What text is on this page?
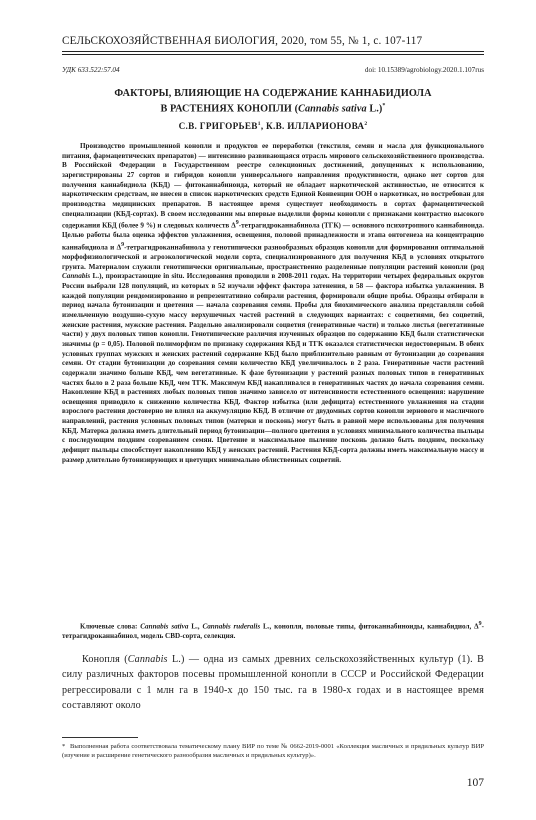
СЕЛЬСКОХОЗЯЙСТВЕННАЯ БИОЛОГИЯ, 2020, том 55, № 1, с. 107-117
УДК 633.522:57.04	doi: 10.15389/agrobiology.2020.1.107rus
ФАКТОРЫ, ВЛИЯЮЩИЕ НА СОДЕРЖАНИЕ КАННАБИДИОЛА
В РАСТЕНИЯХ КОНОПЛИ (Cannabis sativa L.)*
С.В. ГРИГОРЬЕВ$^1$, К.В. ИЛЛАРИОНОВА$^2$
Производство промышленной конопли и продуктов ее переработки (текстиля, семян и масла для функционального питания, фармацевтических препаратов) — интенсивно развивающаяся отрасль мирового сельскохозяйственного производства. В Российской Федерации в Государственном реестре селекционных достижений, допущенных к использованию, зарегистрированы 27 сортов и гибридов конопли универсального направления продуктивности, однако нет сортов для получения каннабидиола (КБД) — фитоканнабиноида, который не обладает наркотической активностью, не относится к наркотическим средствам, не внесен в список наркотических средств Единой Конвенции ООН о наркотиках, но востребован для производства медицинских препаратов. В настоящее время существует необходимость в сортах фармацевтической специализации (КБД-сортах). В своем исследовании мы впервые выделили формы конопли с признаками контрастно высокого содержания КБД (более 9 %) и следовых количеств $\Delta^9$-тетрагидроканнабинола (ТГК) — основного психотропного каннабиноида. Целью работы была оценка эффектов увлажнения, освещения, половой принадлежности и этапа онтогенеза на концентрацию каннабидиола и $\Delta^9$-тетрагидроканнабинола у генотипически разнообразных образцов конопли для формирования оптимальной морфофизиологической и агроэкологической модели сорта, специализированного для получения КБД в условиях открытого грунта. Материалом служили генотипически оригинальные, пространственно разделенные популяции растений конопли (род Cannabis L.), произрастающие in situ. Исследования проводили в 2008-2011 годах. На территории четырех федеральных округов России выбрали 128 популяций, из которых в 52 изучали эффект фактора затенения, в 58 — фактора избытка увлажнения. В каждой популяции рендомизированно и репрезентативно собирали растения, формировали общие пробы. Образцы отбирали в период начала бутонизации и цветения — начала созревания семян. Пробы для биохимического анализа представляли собой измельченную воздушно-сухую массу верхушечных частей растений в следующих вариантах: с соцветиями, без соцветий, женские растения, мужские растения. Раздельно анализировали соцветия (генеративные части) и только листья (вегетативные части) у двух половых типов конопли. Генотипические различия изученных образцов по содержанию КБД были статистически значимы (р = 0,05). Половой полиморфизм по признаку содержания КБД и ТГК оказался статистически недостоверным. В обеих условных группах мужских и женских растений содержание КБД было приблизительно равным от бутонизации до созревания семян. От стадии бутонизации до созревания семян количество КБД увеличивалось в 2 раза. Генеративные части растений содержали значимо больше КБД, чем вегетативные. К фазе бутонизации у растений разных половых типов в генеративных частях было в 2 раза больше КБД, чем ТГК. Максимум КБД накапливался в генеративных частях до начала созревания семян. Накопление КБД в растениях любых половых типов значимо зависело от интенсивности естественного освещения: нарушение освещения приводило к снижению количества КБД. Фактор избытка (или дефицита) естественного увлажнения на стадии взрослого растения достоверно не влиял на аккумуляцию КБД. В отличие от двудомных сортов конопли зернового и масличного направлений, растения условных половых типов (матерки и посконь) могут быть в равной мере использованы для получения КБД. Матерка должна иметь длительный период бутонизации—полного цветения в условиях минимального количества пыльцы с последующим поздним созреванием семян. Цветение и максимальное пыление посконь должно быть поздним, поскольку дефицит пыльцы способствует накоплению КБД у женских растений. Растения КБД-сорта должны иметь максимальную массу и размер длительно бутонизирующих и цветущих минимально облиственных соцветий.
Ключевые слова: Cannabis sativa L., Cannabis ruderalis L., конопля, половые типы, фитоканнабиноиды, каннабидиол, $\Delta^9$-тетрагидроканнабинол, модель CBD-сорта, селекция.
Конопля (Cannabis L.) — одна из самых древних сельскохозяйственных культур (1). В силу различных факторов посевы промышленной конопли в СССР и Российской Федерации регрессировали с 1 млн га в 1940-х до 150 тыс. га в 1980-х годах и в настоящее время составляют около
* Выполненная работа соответствовала тематическому плану ВИР по теме № 0662-2019-0001 «Коллекция масличных и прядильных культур ВИР (изучение и расширение генетического разнообразия масличных и прядильных культур)».
107
